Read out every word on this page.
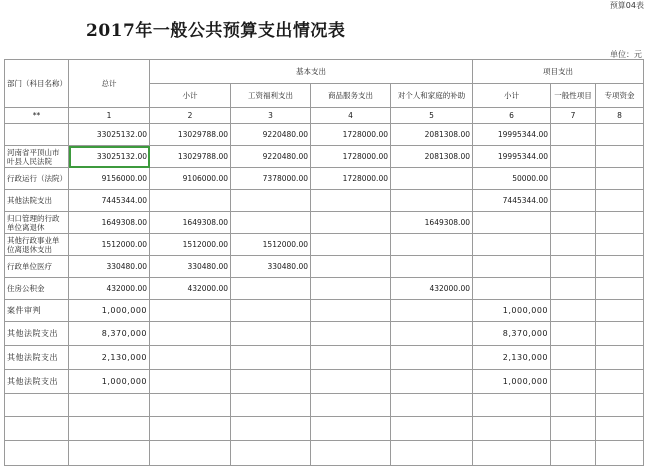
预算04表
2017年一般公共预算支出情况表
单位：元
部门（科目名称）	总计	基本支出				项目支出		
		小计	工资福利支出	商品服务支出	对个人和家庭的补助	小计	一般性项目	专项资金
**	1	2	3	4	5	6	7	8
	33025132.00	13029788.00	9220480.00	1728000.00	2081308.00	19995344.00		
河南省平顶山市叶县人民法院	33025132.00	13029788.00	9220480.00	1728000.00	2081308.00	19995344.00		
行政运行（法院）	9156000.00	9106000.00	7378000.00	1728000.00		50000.00		
其他法院支出	7445344.00					7445344.00		
归口管理的行政单位离退休	1649308.00	1649308.00			1649308.00			
其他行政事业单位离退休支出	1512000.00	1512000.00	1512000.00					
行政单位医疗	330480.00	330480.00	330480.00					
住房公积金	432000.00	432000.00			432000.00			
案件审判	1,000,000					1,000,000		
其他法院支出	8,370,000					8,370,000		
其他法院支出	2,130,000					2,130,000		
其他法院支出	1,000,000					1,000,000		
